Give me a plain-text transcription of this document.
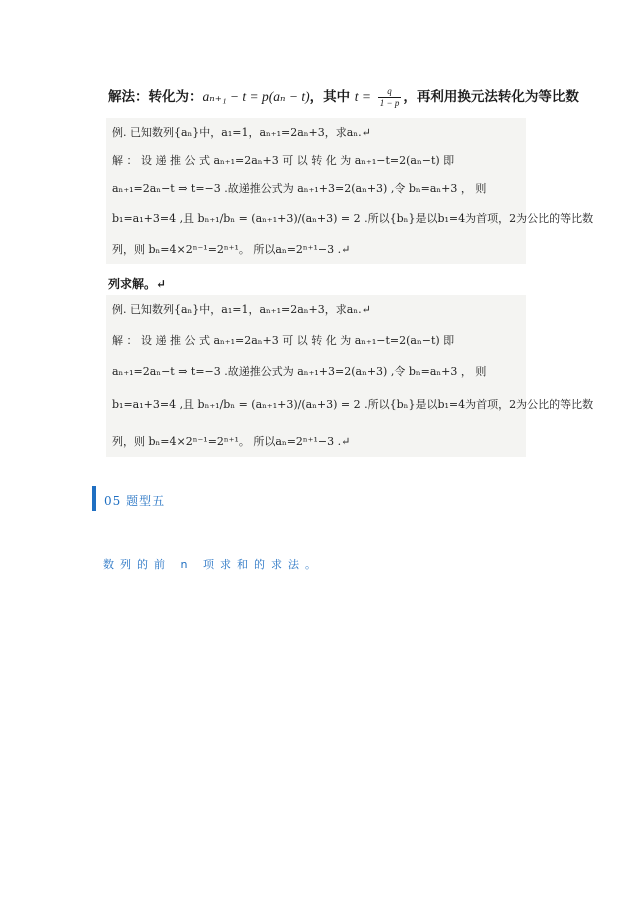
解法：转化为：aₙ₊₁ − t = p(aₙ − t)，其中 $t = \frac{q}{1 - p}$ ，再利用换元法转化为等比数
例. 已知数列{aₙ}中，a₁=1，aₙ₊₁=2aₙ+3，求aₙ.↵
解 ： 设 递 推 公 式 aₙ₊₁=2aₙ+3 可 以 转 化 为 aₙ₊₁−t=2(aₙ−t) 即
aₙ₊₁=2aₙ−t ⇒ t=−3 .故递推公式为 aₙ₊₁+3=2(aₙ+3) ,令 bₙ=aₙ+3 ， 则
b₁=a₁+3=4 ,且 bₙ₊₁/bₙ = (aₙ₊₁+3)/(aₙ+3) = 2 .所以{bₙ}是以b₁=4为首项，2为公比的等比数
列，则 bₙ=4×2ⁿ⁻¹=2ⁿ⁺¹。 所以aₙ=2ⁿ⁺¹−3 .↵
列求解。↵
例. 已知数列{aₙ}中，a₁=1，aₙ₊₁=2aₙ+3，求aₙ.↵
解 ： 设 递 推 公 式 aₙ₊₁=2aₙ+3 可 以 转 化 为 aₙ₊₁−t=2(aₙ−t) 即
aₙ₊₁=2aₙ−t ⇒ t=−3 .故递推公式为 aₙ₊₁+3=2(aₙ+3) ,令 bₙ=aₙ+3 ， 则
b₁=a₁+3=4 ,且 bₙ₊₁/bₙ = (aₙ₊₁+3)/(aₙ+3) = 2 .所以{bₙ}是以b₁=4为首项，2为公比的等比数
列，则 bₙ=4×2ⁿ⁻¹=2ⁿ⁺¹。 所以aₙ=2ⁿ⁺¹−3 .↵
05 题型五
数列的前 n 项求和的求法。
